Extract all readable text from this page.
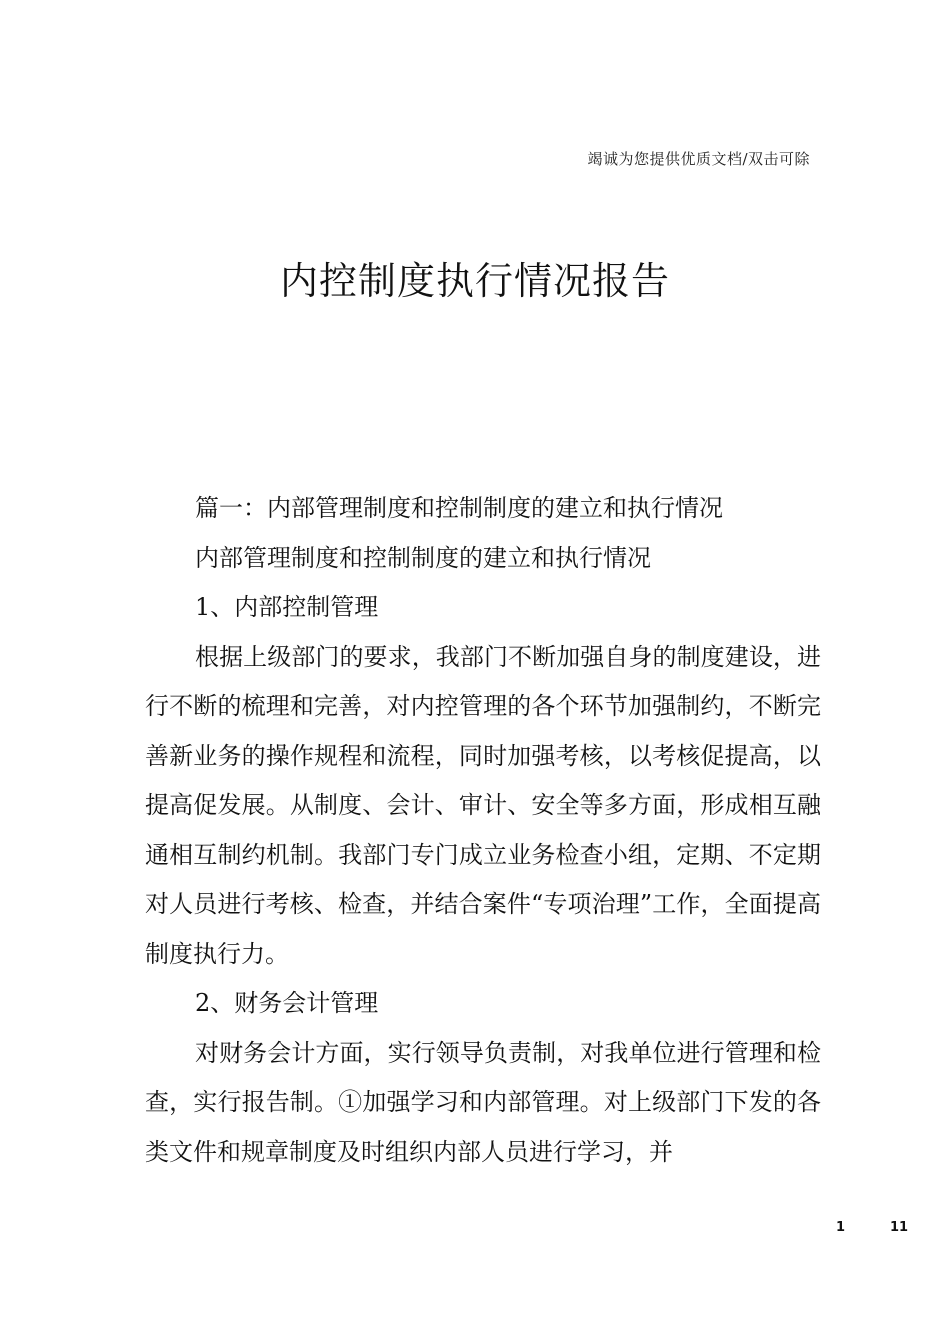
竭诚为您提供优质文档/双击可除
内控制度执行情况报告

篇一：内部管理制度和控制制度的建立和执行情况

内部管理制度和控制制度的建立和执行情况

1、内部控制管理

根据上级部门的要求，我部门不断加强自身的制度建设，进行不断的梳理和完善，对内控管理的各个环节加强制约，不断完善新业务的操作规程和流程，同时加强考核，以考核促提高，以提高促发展。从制度、会计、审计、安全等多方面，形成相互融通相互制约机制。我部门专门成立业务检查小组，定期、不定期对人员进行考核、检查，并结合案件“专项治理”工作，全面提高制度执行力。

2、财务会计管理

对财务会计方面，实行领导负责制，对我单位进行管理和检查，实行报告制。①加强学习和内部管理。对上级部门下发的各类文件和规章制度及时组织内部人员进行学习，并

1	11
